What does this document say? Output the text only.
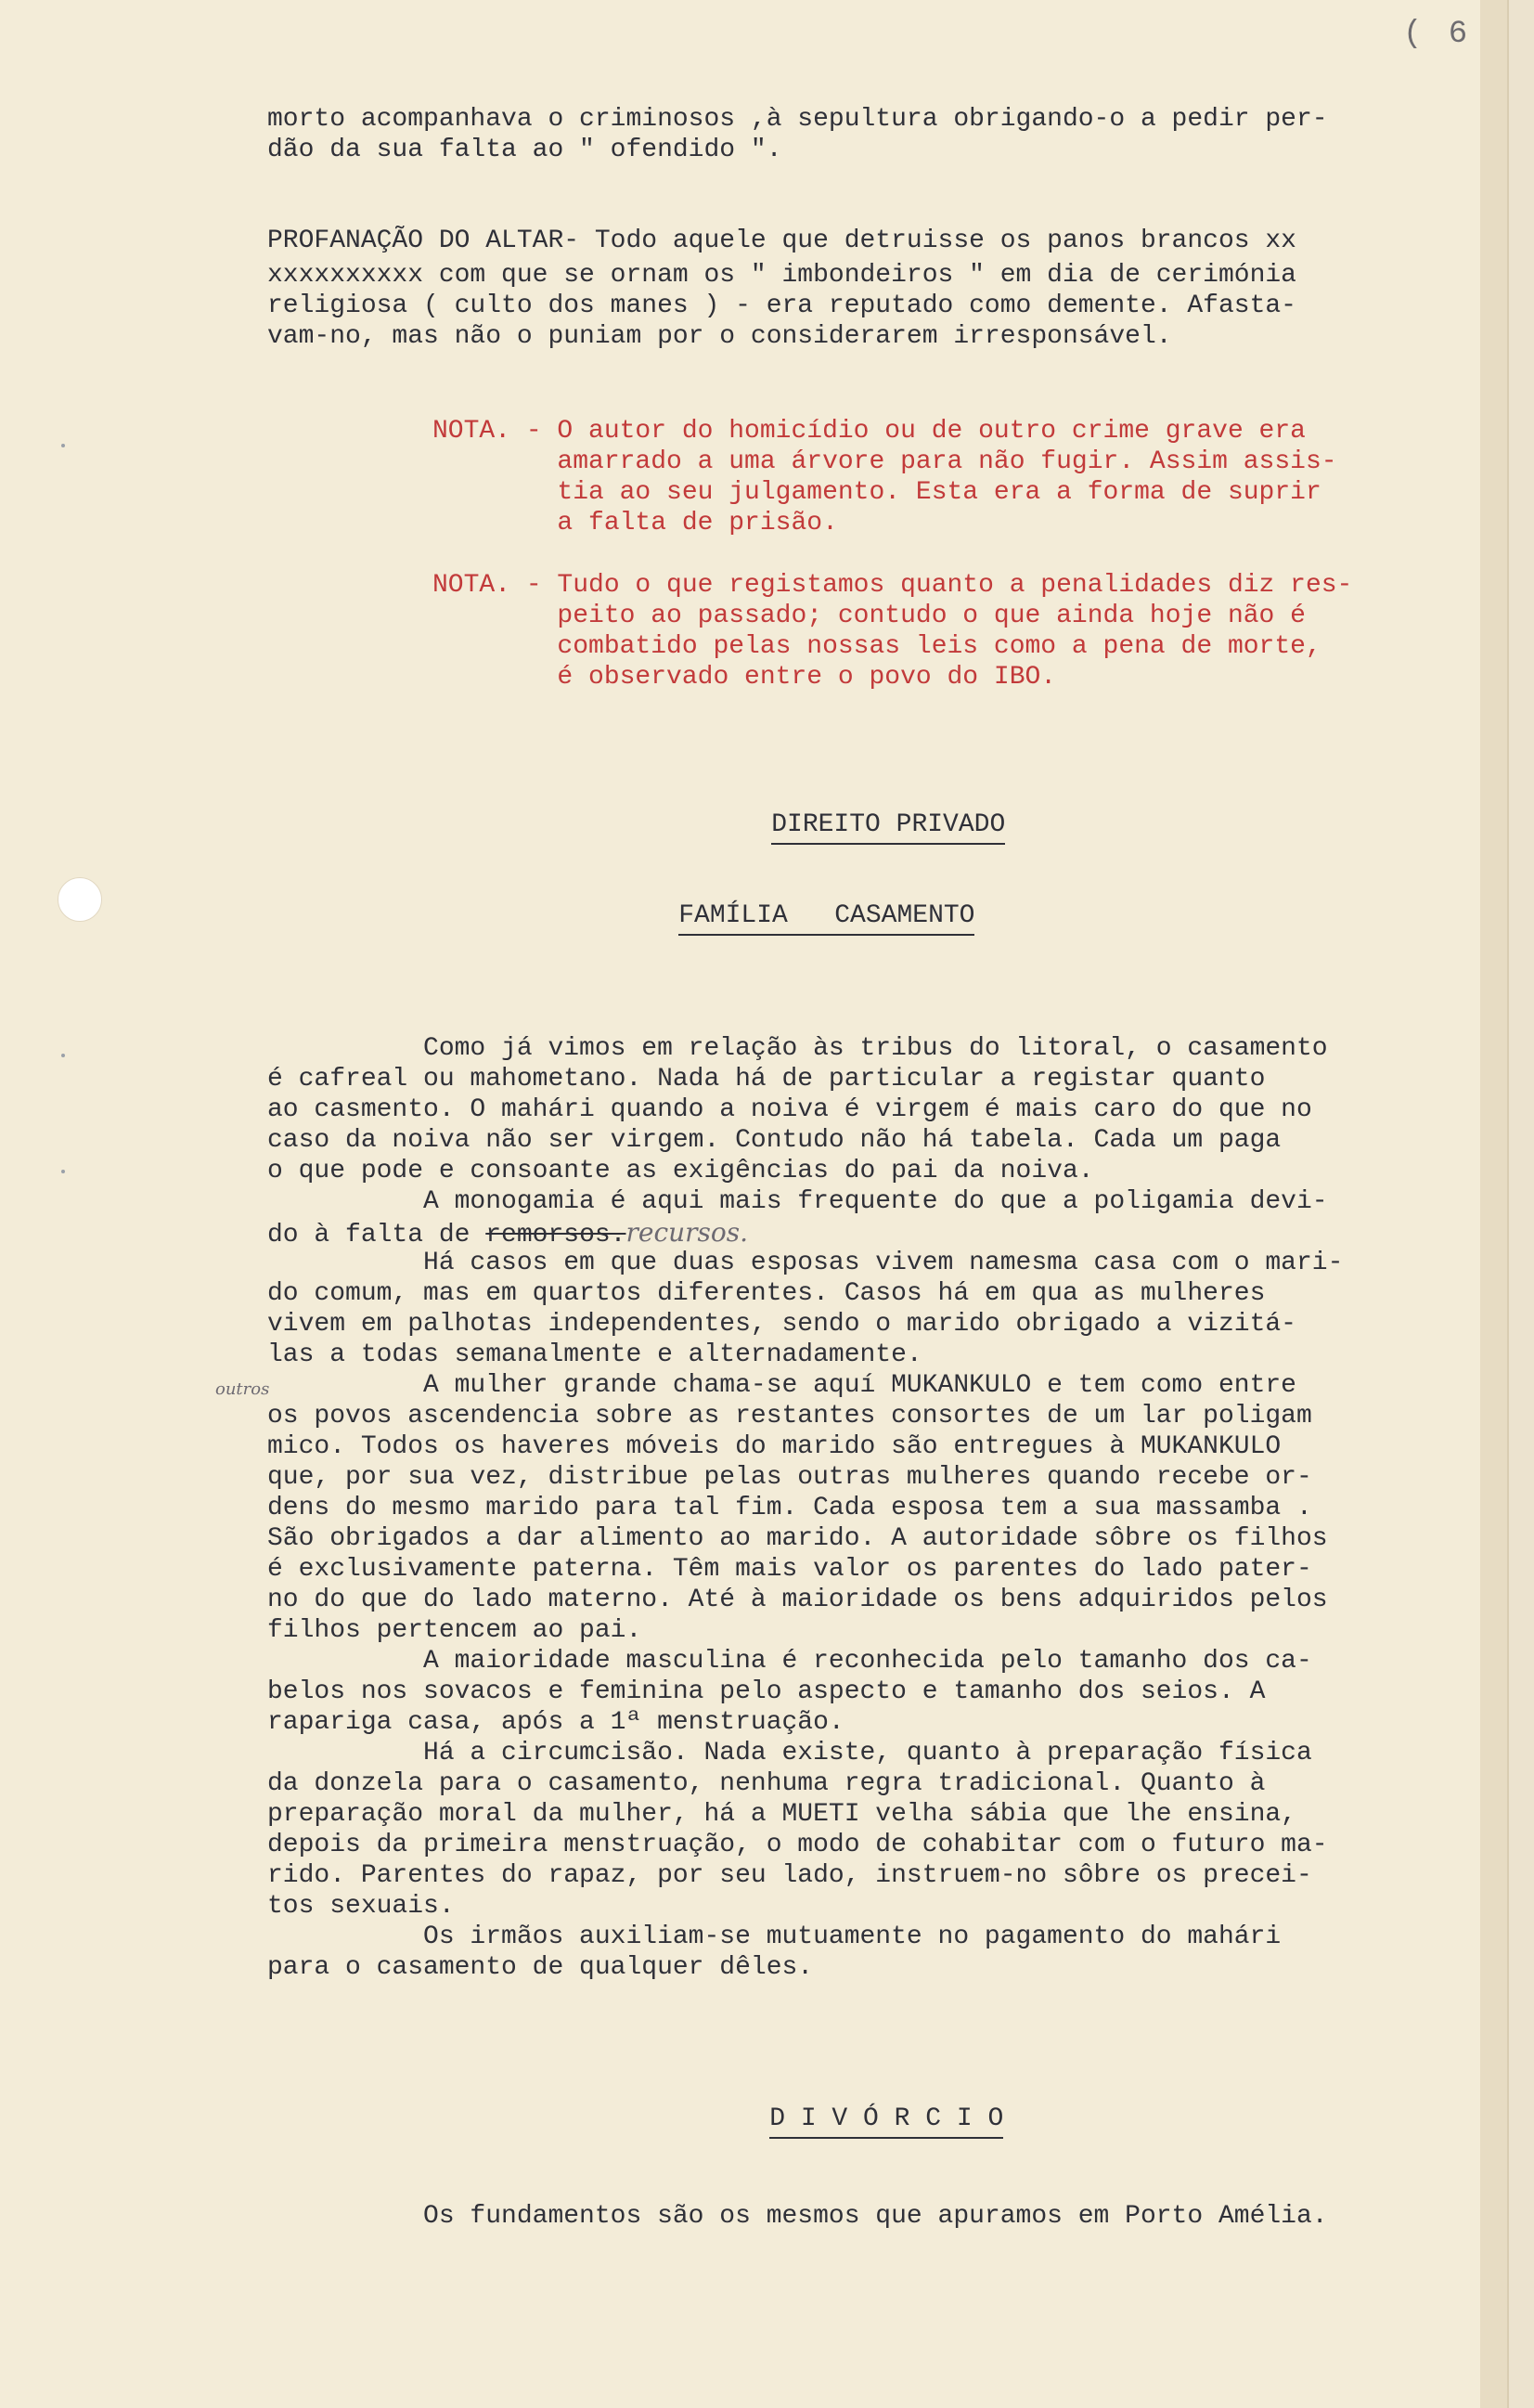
( 6
morto acompanhava o criminosos ,à sepultura obrigando-o a pedir per-
dão da sua falta ao " ofendido ".
PROFANAÇÃO DO ALTAR- Todo aquele que detruisse os panos brancos xx
xxxxxxxxxx com que se ornam os " imbondeiros " em dia de cerimónia
religiosa ( culto dos manes ) - era reputado como demente. Afasta-
vam-no, mas não o puniam por o considerarem irresponsável.
NOTA. - O autor do homicídio ou de outro crime grave era
amarrado a uma árvore para não fugir. Assim assis-
tia ao seu julgamento. Esta era a forma de suprir
a falta de prisão.
NOTA. - Tudo o que registamos quanto a penalidades diz res-
peito ao passado; contudo o que ainda hoje não é
combatido pelas nossas leis como a pena de morte,
é observado entre o povo do IBO.

DIREITO PRIVADO

FAMÍLIA   CASAMENTO

Como já vimos em relação às tribus do litoral, o casamento
é cafreal ou mahometano. Nada há de particular a registar quanto
ao casmento. O mahári quando a noiva é virgem é mais caro do que no
caso da noiva não ser virgem. Contudo não há tabela. Cada um paga
o que pode e consoante as exigências do pai da noiva.
A monogamia é aqui mais frequente do que a poligamia devi-
do à falta de remorsos.recursos.
Há casos em que duas esposas vivem namesma casa com o mari-
do comum, mas em quartos diferentes. Casos há em qua as mulheres
vivem em palhotas independentes, sendo o marido obrigado a vizitá-
las a todas semanalmente e alternadamente.
A mulher grande chama-se aquí MUKANKULO e tem como entre
outros
os povos ascendencia sobre as restantes consortes de um lar poligam
mico. Todos os haveres móveis do marido são entregues à MUKANKULO
que, por sua vez, distribue pelas outras mulheres quando recebe or-
dens do mesmo marido para tal fim. Cada esposa tem a sua massamba .
São obrigados a dar alimento ao marido. A autoridade sôbre os filhos
é exclusivamente paterna. Têm mais valor os parentes do lado pater-
no do que do lado materno. Até à maioridade os bens adquiridos pelos
filhos pertencem ao pai.
A maioridade masculina é reconhecida pelo tamanho dos ca-
belos nos sovacos e feminina pelo aspecto e tamanho dos seios. A
rapariga casa, após a 1ª menstruação.
Há a circumcisão. Nada existe, quanto à preparação física
da donzela para o casamento, nenhuma regra tradicional. Quanto à
preparação moral da mulher, há a MUETI velha sábia que lhe ensina,
depois da primeira menstruação, o modo de cohabitar com o futuro ma-
rido. Parentes do rapaz, por seu lado, instruem-no sôbre os precei-
tos sexuais.
Os irmãos auxiliam-se mutuamente no pagamento do mahári
para o casamento de qualquer dêles.

D I V Ó R C I O

Os fundamentos são os mesmos que apuramos em Porto Amélia.
